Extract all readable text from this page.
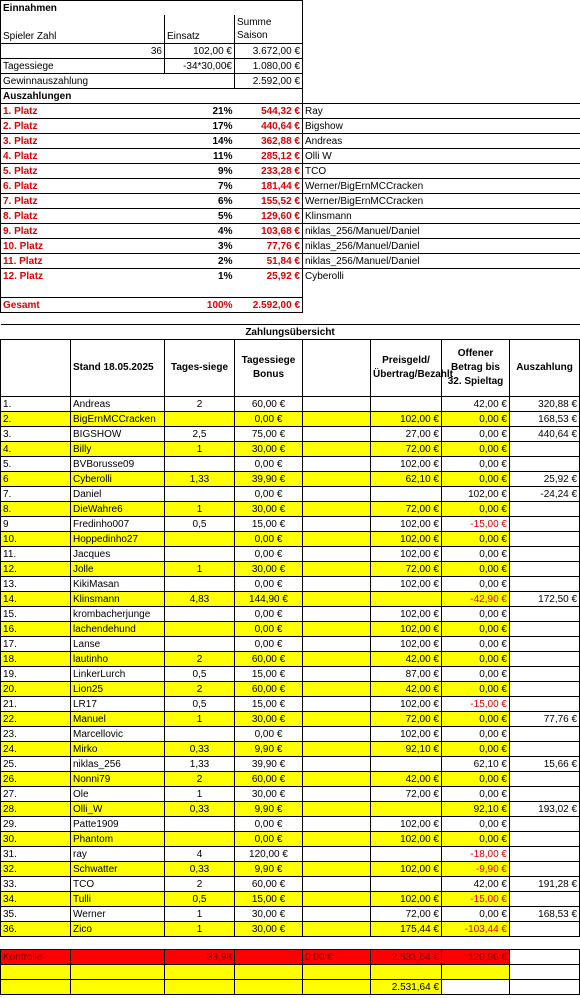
Einnahmen				
Spieler Zahl		Einsatz	Summe Saison	
36		102,00 €	3.672,00 €	
Tagessiege		-34*30,00€	1.080,00 €	
Gewinnauszahlung			2.592,00 €	
Auszahlungen				
1. Platz		21%	544,32 €	Ray
2. Platz		17%	440,64 €	Bigshow
3. Platz		14%	362,88 €	Andreas
4. Platz		11%	285,12 €	Olli W
5. Platz		9%	233,28 €	TCO
6. Platz		7%	181,44 €	Werner/BigErnMCCracken
7. Platz		6%	155,52 €	Werner/BigErnMCCracken
8. Platz		5%	129,60 €	Klinsmann
9. Platz		4%	103,68 €	niklas_256/Manuel/Daniel
10. Platz		3%	77,76 €	niklas_256/Manuel/Daniel
11. Platz		2%	51,84 €	niklas_256/Manuel/Daniel
12. Platz		1%	25,92 €	Cyberolli

Gesamt		100%	2.592,00 €	
Zahlungsübersicht							
	Stand 18.05.2025	Tages-siege	Tagessiege Bonus		Preisgeld/Übertrag/Bezahlt	Offener Betrag bis 32. Spieltag	Auszahlung
1.	Andreas	2	60,00 €			42,00 €	320,88 €
2.	BigErnMCCracken		0,00 €		102,00 €	0,00 €	168,53 €
3.	BIGSHOW	2,5	75,00 €		27,00 €	0,00 €	440,64 €
4.	Billy	1	30,00 €		72,00 €	0,00 €	
5.	BVBorusse09		0,00 €		102,00 €	0,00 €	
6	Cyberolli	1,33	39,90 €		62,10 €	0,00 €	25,92 €
7.	Daniel		0,00 €			102,00 €	-24,24 €
8.	DieWahre6	1	30,00 €		72,00 €	0,00 €	
9	Fredinho007	0,5	15,00 €		102,00 €	-15,00 €	
10.	Hoppedinho27		0,00 €		102,00 €	0,00 €	
11.	Jacques		0,00 €		102,00 €	0,00 €	
12.	Jolle	1	30,00 €		72,00 €	0,00 €	
13.	KikiMasan		0,00 €		102,00 €	0,00 €	
14.	Klinsmann	4,83	144,90 €			-42,90 €	172,50 €
15.	krombacherjunge		0,00 €		102,00 €	0,00 €	
16.	lachendehund		0,00 €		102,00 €	0,00 €	
17.	Lanse		0,00 €		102,00 €	0,00 €	
18.	lautinho	2	60,00 €		42,00 €	0,00 €	
19.	LinkerLurch	0,5	15,00 €		87,00 €	0,00 €	
20.	Lion25	2	60,00 €		42,00 €	0,00 €	
21.	LR17	0,5	15,00 €		102,00 €	-15,00 €	
22.	Manuel	1	30,00 €		72,00 €	0,00 €	77,76 €
23.	Marcellovic		0,00 €		102,00 €	0,00 €	
24.	Mirko	0,33	9,90 €		92,10 €	0,00 €	
25.	niklas_256	1,33	39,90 €			62,10 €	15,66 €
26.	Nonni79	2	60,00 €		42,00 €	0,00 €	
27.	Ole	1	30,00 €		72,00 €	0,00 €	
28.	Olli_W	0,33	9,90 €			92,10 €	193,02 €
29.	Patte1909		0,00 €		102,00 €	0,00 €	
30.	Phantom		0,00 €		102,00 €	0,00 €	
31.	ray	4	120,00 €			-18,00 €	
32.	Schwatter	0,33	9,90 €		102,00 €	-9,90 €	
33.	TCO	2	60,00 €			42,00 €	191,28 €
34.	Tulli	0,5	15,00 €		102,00 €	-15,00 €	
35.	Werner	1	30,00 €		72,00 €	0,00 €	168,53 €
36.	Zico	1	30,00 €		175,44 €	-103,44 €	

Kontrolle		33,98		0,00 €	2.531,64 €	120,96 €	

					2.531,64 €		
